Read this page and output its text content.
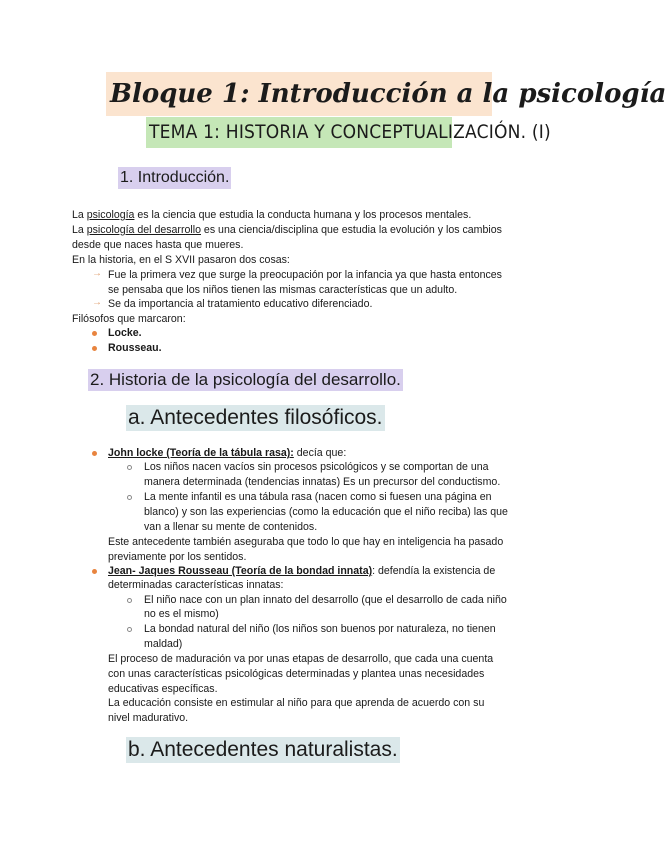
Bloque 1: Introducción a la psicología
TEMA 1: HISTORIA Y CONCEPTUALIZACIÓN. (I)
1. Introducción.
La psicología es la ciencia que estudia la conducta humana y los procesos mentales.
La psicología del desarrollo es una ciencia/disciplina que estudia la evolución y los cambios
desde que naces hasta que mueres.
En la historia, en el S XVII pasaron dos cosas:
→ Fue la primera vez que surge la preocupación por la infancia ya que hasta entonces
se pensaba que los niños tienen las mismas características que un adulto.
→ Se da importancia al tratamiento educativo diferenciado.
Filósofos que marcaron:
Locke.
Rousseau.
2. Historia de la psicología del desarrollo.
a. Antecedentes filosóficos.
John locke (Teoría de la tábula rasa): decía que:
Los niños nacen vacíos sin procesos psicológicos y se comportan de una
manera determinada (tendencias innatas) Es un precursor del conductismo.
La mente infantil es una tábula rasa (nacen como si fuesen una página en
blanco) y son las experiencias (como la educación que el niño reciba) las que
van a llenar su mente de contenidos.
Este antecedente también aseguraba que todo lo que hay en inteligencia ha pasado
previamente por los sentidos.
Jean- Jaques Rousseau (Teoría de la bondad innata): defendía la existencia de
determinadas características innatas:
El niño nace con un plan innato del desarrollo (que el desarrollo de cada niño
no es el mismo)
La bondad natural del niño (los niños son buenos por naturaleza, no tienen
maldad)
El proceso de maduración va por unas etapas de desarrollo, que cada una cuenta
con unas características psicológicas determinadas y plantea unas necesidades
educativas específicas.
La educación consiste en estimular al niño para que aprenda de acuerdo con su
nivel madurativo.
b. Antecedentes naturalistas.
